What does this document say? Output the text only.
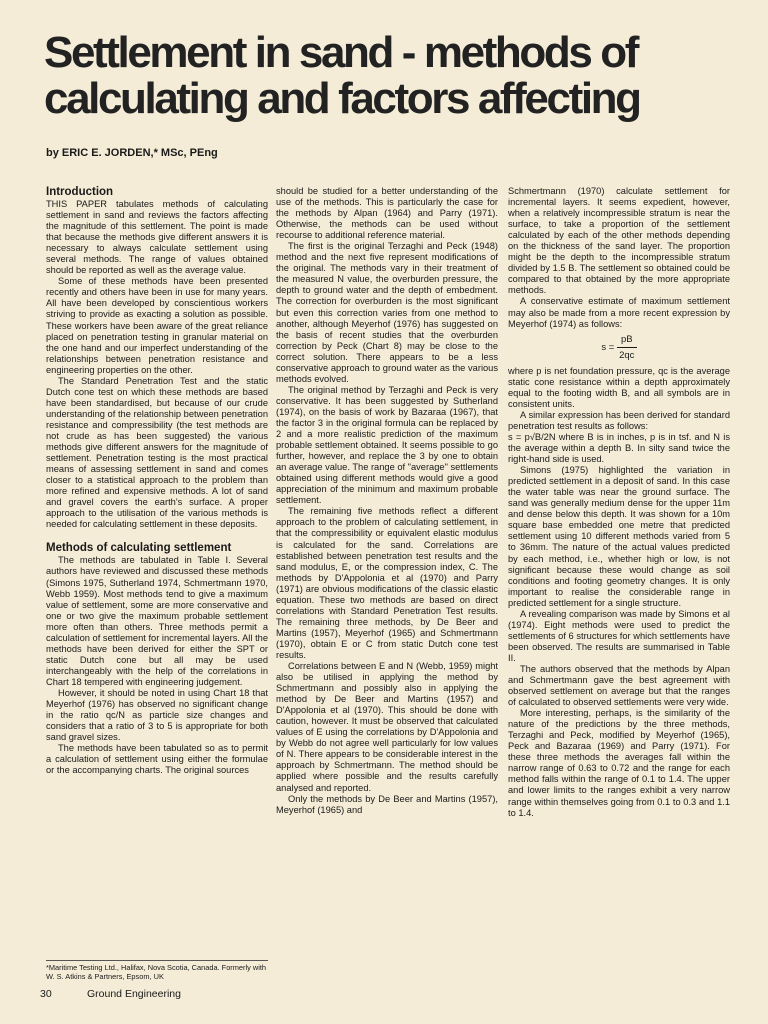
Settlement in sand - methods of calculating and factors affecting
by ERIC E. JORDEN,* MSc, PEng
Introduction

THIS PAPER tabulates methods of calculating settlement in sand and reviews the factors affecting the magnitude of this settlement. The point is made that because the methods give different answers it is necessary to always calculate settlement using several methods. The range of values obtained should be reported as well as the average value.

Some of these methods have been presented recently and others have been in use for many years. All have been developed by conscientious workers striving to provide as exacting a solution as possible. These workers have been aware of the great reliance placed on penetration testing in granular material on the one hand and our imperfect understanding of the relationships between penetration resistance and engineering properties on the other.

The Standard Penetration Test and the static Dutch cone test on which these methods are based have been standardised, but because of our crude understanding of the relationship between penetration resistance and compressibility (the test methods are not crude as has been suggested) the various methods give different answers for the magnitude of settlement. Penetration testing is the most practical means of assessing settlement in sand and comes closer to a statistical approach to the problem than more refined and expensive methods. A lot of sand and gravel covers the earth's surface. A proper approach to the utilisation of the various methods is needed for calculating settlement in these deposits.

Methods of calculating settlement

The methods are tabulated in Table I. Several authors have reviewed and discussed these methods (Simons 1975, Sutherland 1974, Schmertmann 1970, Webb 1959). Most methods tend to give a maximum value of settlement, some are more conservative and one or two give the maximum probable settlement more often than others. Three methods permit a calculation of settlement for incremental layers. All the methods have been derived for either the SPT or static Dutch cone but all may be used interchangeably with the help of the correlations in Chart 18 tempered with engineering judgement.

However, it should be noted in using Chart 18 that Meyerhof (1976) has observed no significant change in the ratio qc/N as particle size changes and considers that a ratio of 3 to 5 is appropriate for both sand gravel sizes.

The methods have been tabulated so as to permit a calculation of settlement using either the formulae or the accompanying charts. The original sources

should be studied for a better understanding of the use of the methods. This is particularly the case for the methods by Alpan (1964) and Parry (1971). Otherwise, the methods can be used without recourse to additional reference material.

The first is the original Terzaghi and Peck (1948) method and the next five represent modifications of the original. The methods vary in their treatment of the measured N value, the overburden pressure, the depth to ground water and the depth of embedment. The correction for overburden is the most significant but even this correction varies from one method to another, although Meyerhof (1976) has suggested on the basis of recent studies that the overburden correction by Peck (Chart 8) may be close to the correct solution. There appears to be a less conservative approach to ground water as the various methods evolved.

The original method by Terzaghi and Peck is very conservative. It has been suggested by Sutherland (1974), on the basis of work by Bazaraa (1967), that the factor 3 in the original formula can be replaced by 2 and a more realistic prediction of the maximum probable settlement obtained. It seems possible to go further, however, and replace the 3 by one to obtain an average value. The range of "average" settlements obtained using different methods would give a good appreciation of the minimum and maximum probable settlement.

The remaining five methods reflect a different approach to the problem of calculating settlement, in that the compressibility or equivalent elastic modulus is calculated for the sand. Correlations are established between penetration test results and the sand modulus, E, or the compression index, C. The methods by D'Appolonia et al (1970) and Parry (1971) are obvious modifications of the classic elastic equation. These two methods are based on direct correlations with Standard Penetration Test results. The remaining three methods, by De Beer and Martins (1957), Meyerhof (1965) and Schmertmann (1970), obtain E or C from static Dutch cone test results.

Correlations between E and N (Webb, 1959) might also be utilised in applying the method by Schmertmann and possibly also in applying the method by De Beer and Martins (1957) and D'Appolonia et al (1970). This should be done with caution, however. It must be observed that calculated values of E using the correlations by D'Appolonia and by Webb do not agree well particularly for low values of N. There appears to be considerable interest in the approach by Schmertmann. The method should be applied where possible and the results carefully analysed and reported.

Only the methods by De Beer and Martins (1957), Meyerhof (1965) and

Schmertmann (1970) calculate settlement for incremental layers. It seems expedient, however, when a relatively incompressible stratum is near the surface, to take a proportion of the settlement calculated by each of the other methods depending on the thickness of the sand layer. The proportion might be the depth to the incompressible stratum divided by 1.5 B. The settlement so obtained could be compared to that obtained by the more appropriate methods.

A conservative estimate of maximum settlement may also be made from a more recent expression by Meyerhof (1974) as follows:

$s = \frac{pB}{2qc}$

where p is net foundation pressure, qc is the average static cone resistance within a depth approximately equal to the footing width B, and all symbols are in consistent units.

A similar expression has been derived for standard penetration test results as follows:

s = p√B/2N where B is in inches, p is in tsf. and N is the average within a depth B. In silty sand twice the right-hand side is used.

Simons (1975) highlighted the variation in predicted settlement in a deposit of sand. In this case the water table was near the ground surface. The sand was generally medium dense for the upper 11m and dense below this depth. It was shown for a 10m square base embedded one metre that predicted settlement using 10 different methods varied from 5 to 36mm. The nature of the actual values predicted by each method, i.e., whether high or low, is not significant because these would change as soil conditions and footing geometry changes. It is only important to realise the considerable range in predicted settlement for a single structure.

A revealing comparison was made by Simons et al (1974). Eight methods were used to predict the settlements of 6 structures for which settlements have been observed. The results are summarised in Table II.

The authors observed that the methods by Alpan and Schmertmann gave the best agreement with observed settlement on average but that the ranges of calculated to observed settlements were very wide.

More interesting, perhaps, is the similarity of the nature of the predictions by the three methods, Terzaghi and Peck, modified by Meyerhof (1965), Peck and Bazaraa (1969) and Parry (1971). For these three methods the averages fall within the narrow range of 0.63 to 0.72 and the range for each method falls within the range of 0.1 to 1.4. The upper and lower limits to the ranges exhibit a very narrow range within themselves going from 0.1 to 0.3 and 1.1 to 1.4.

*Maritime Testing Ltd., Halifax, Nova Scotia, Canada. Formerly with W. S. Atkins & Partners, Epsom, UK
30	Ground Engineering
